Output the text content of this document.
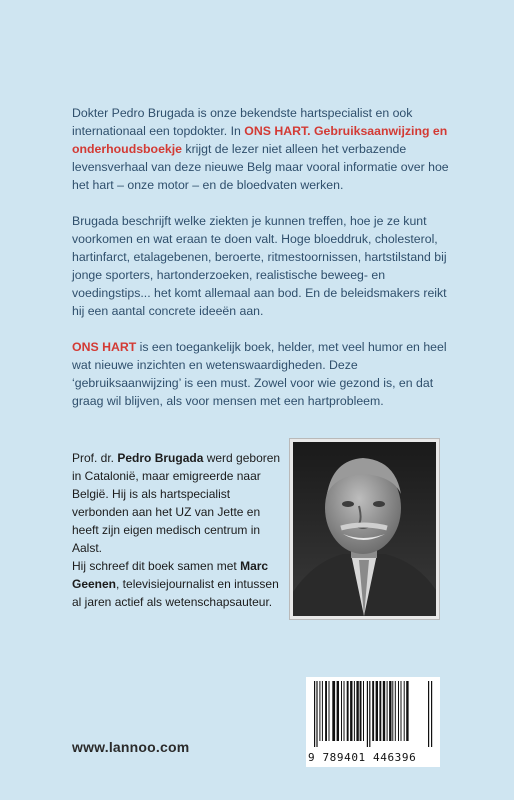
Dokter Pedro Brugada is onze bekendste hartspecialist en ook internationaal een topdokter. In ONS HART. Gebruiksaanwijzing en onderhoudsboekje krijgt de lezer niet alleen het verbazende levensverhaal van deze nieuwe Belg maar vooral informatie over hoe het hart – onze motor – en de bloedvaten werken.

Brugada beschrijft welke ziekten je kunnen treffen, hoe je ze kunt voorkomen en wat eraan te doen valt. Hoge bloeddruk, cholesterol, hartinfarct, etalagebenen, beroerte, ritmestoornissen, hartstilstand bij jonge sporters, hartonderzoeken, realistische beweeg- en voedingstips... het komt allemaal aan bod. En de beleidsmakers reikt hij een aantal concrete ideeën aan.

ONS HART is een toegankelijk boek, helder, met veel humor en heel wat nieuwe inzichten en wetenswaardigheden. Deze ‘gebruiksaanwijzing’ is een must. Zowel voor wie gezond is, en dat graag wil blijven, als voor mensen met een hartprobleem.

Prof. dr. Pedro Brugada werd geboren in Catalonië, maar emigreerde naar België. Hij is als hartspecialist verbonden aan het UZ van Jette en heeft zijn eigen medisch centrum in Aalst.

Hij schreef dit boek samen met Marc Geenen, televisiejournalist en intussen al jaren actief als wetenschapsauteur.

www.lannoo.com
9 789401 446396
